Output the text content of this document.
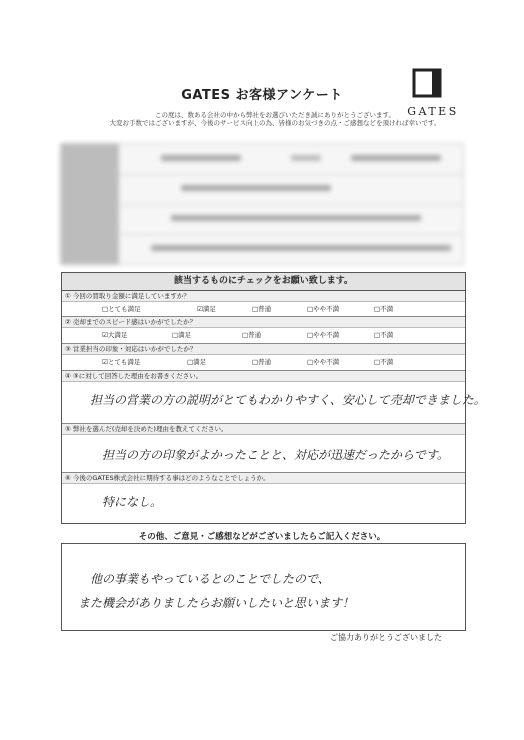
GATES お客様アンケート
この度は、数ある会社の中から弊社をお選びいただき誠にありがとうございます。
大変お手数ではございますが、今後のサービス向上の為、皆様のお気づきの点・ご感想などを頂ければ幸いです。
GATES
該当するものにチェックをお願い致します。
① 今回の買取り金額に満足していますか？
□とても満足	☑満足	□普通	□やや不満	□不満
② 売却までのスピード感はいかがでしたか？
☑大満足	□満足	□普通	□やや不満	□不満
③ 営業担当の印象・対応はいかがでしたか？
☑とても満足	□満足	□普通	□やや不満	□不満
④ ③に対して回答した理由をお書きください。
担当の営業の方の説明がとてもわかりやすく、安心して売却できました。
⑤ 弊社を選んだ(売却を決めた)理由を教えてください。
担当の方の印象がよかったことと、対応が迅速だったからです。
⑥ 今後のGATES株式会社に期待する事はどのようなことでしょうか。
特になし。
その他、ご意見・ご感想などがございましたらご記入ください。
他の事業もやっているとのことでしたので、
また機会がありましたらお願いしたいと思います！
ご協力ありがとうございました
